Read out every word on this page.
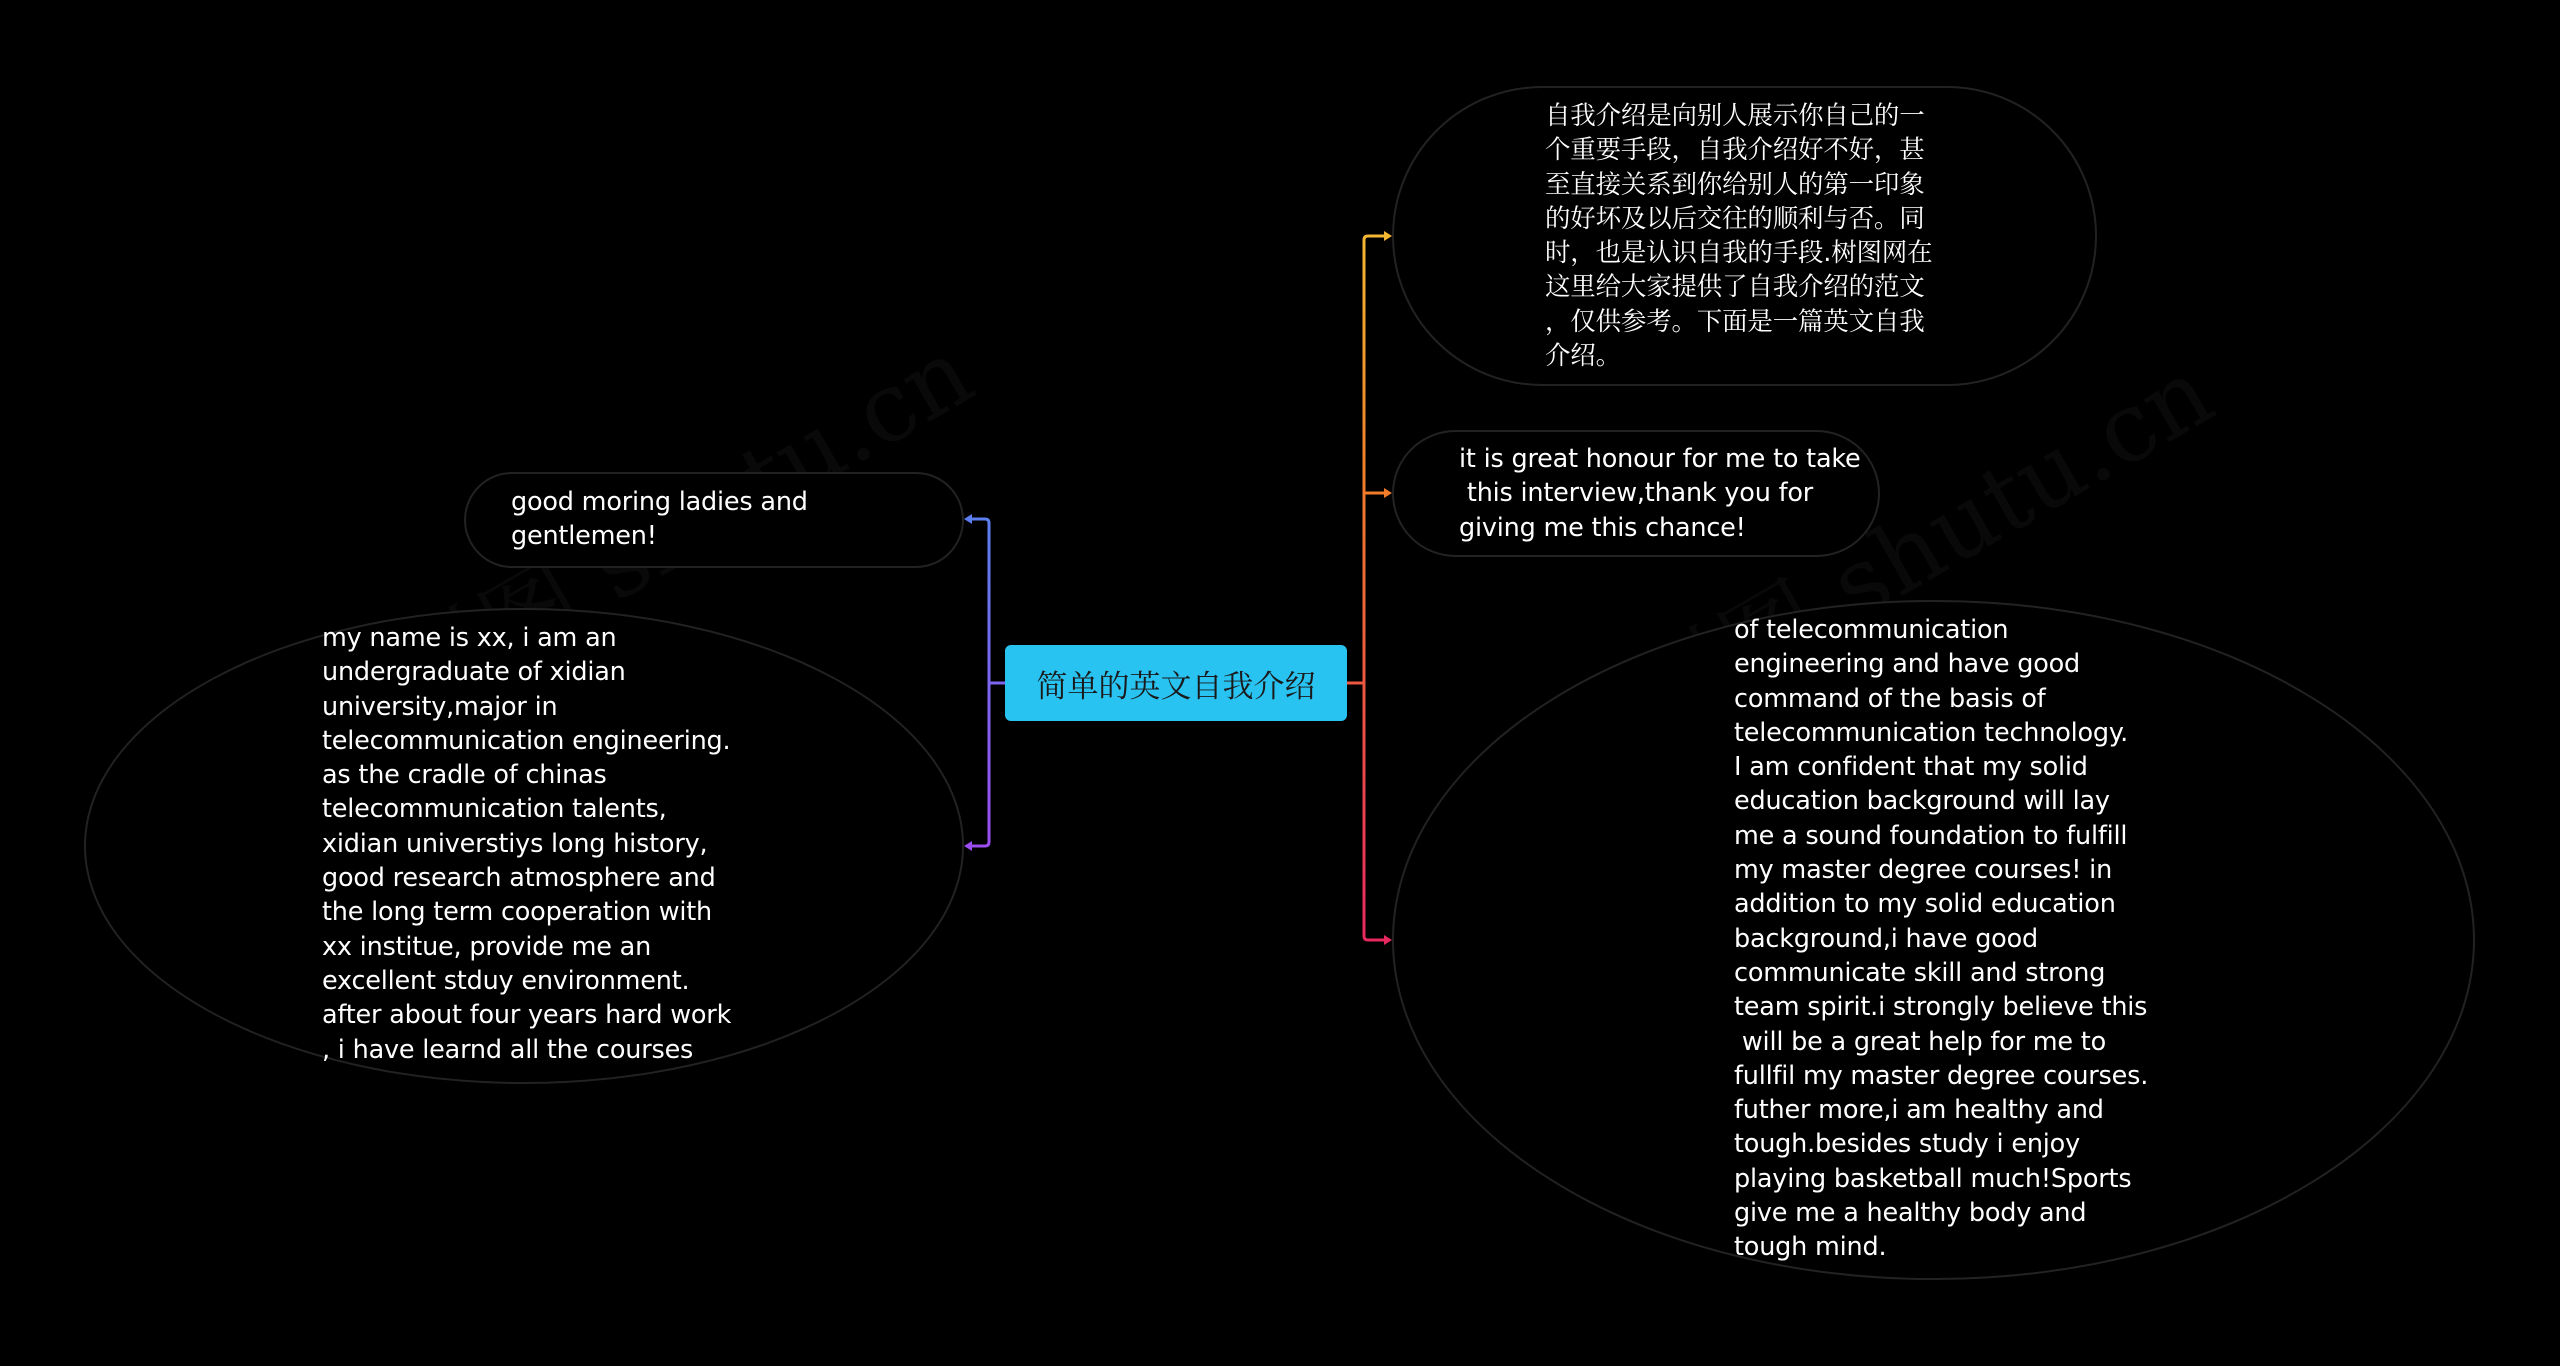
自我介绍是向别人展示你自己的一
个重要手段，自我介绍好不好，甚
至直接关系到你给别人的第一印象
的好坏及以后交往的顺利与否。同
时，也是认识自我的手段.树图网在
这里给大家提供了自我介绍的范文
，仅供参考。下面是一篇英文自我
介绍。
it is great honour for me to take
this interview,thank you for
giving me this chance!
of telecommunication
engineering and have good
command of the basis of
telecommunication technology.
I am confident that my solid
education background will lay
me a sound foundation to fulfill
my master degree courses! in
addition to my solid education
background,i have good
communicate skill and strong
team spirit.i strongly believe this
will be a great help for me to
fullfil my master degree courses.
futher more,i am healthy and
tough.besides study i enjoy
playing basketball much!Sports
give me a healthy body and
tough mind.
good moring ladies and
gentlemen!
my name is xx, i am an
undergraduate of xidian
university,major in
telecommunication engineering.
as the cradle of chinas
telecommunication talents,
xidian universtiys long history,
good research atmosphere and
the long term cooperation with
xx institue, provide me an
excellent stduy environment.
after about four years hard work
, i have learnd all the courses
简单的英文自我介绍
